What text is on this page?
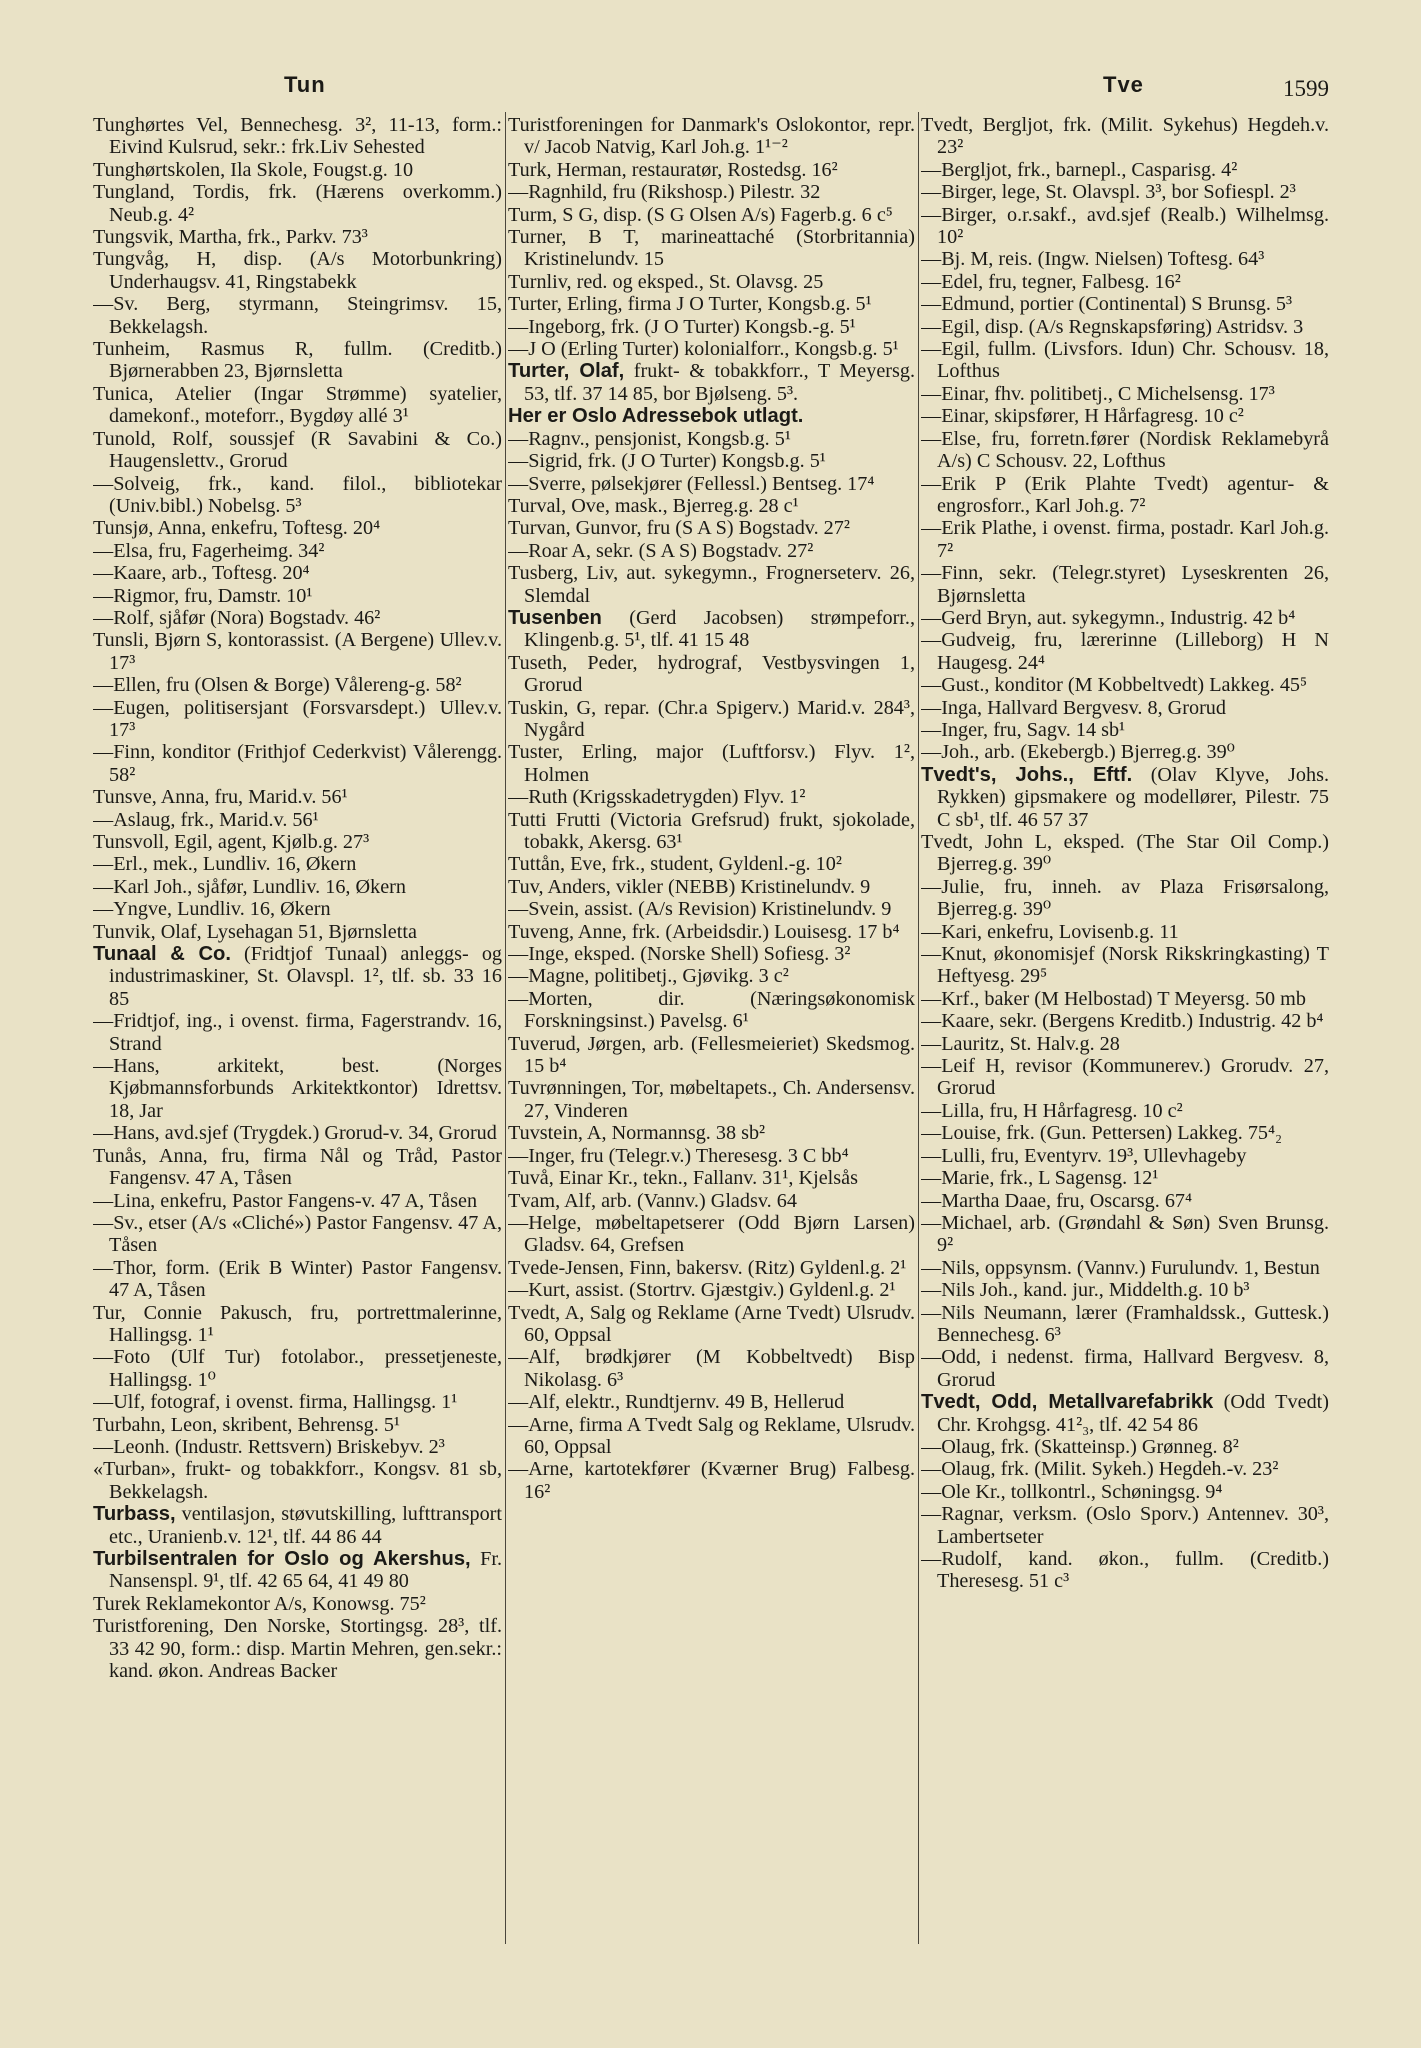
Tun	Tve	1599

Tunghørtes Vel, Bennechesg. 3², 11-13, form.: Eivind Kulsrud, sekr.: frk.Liv Sehested

Tunghørtskolen, Ila Skole, Fougst.g. 10

Tungland, Tordis, frk. (Hærens overkomm.) Neub.g. 4²

Tungsvik, Martha, frk., Parkv. 73³

Tungvåg, H, disp. (A/s Motorbunkring) Underhaugsv. 41, Ringstabekk

—Sv. Berg, styrmann, Steingrimsv. 15, Bekkelagsh.

Tunheim, Rasmus R, fullm. (Creditb.) Bjørnerabben 23, Bjørnsletta

Tunica, Atelier (Ingar Strømme) syatelier, damekonf., moteforr., Bygdøy allé 3¹

Tunold, Rolf, soussjef (R Savabini & Co.) Haugenslettv., Grorud

—Solveig, frk., kand. filol., bibliotekar (Univ.bibl.) Nobelsg. 5³

Tunsjø, Anna, enkefru, Toftesg. 20⁴

—Elsa, fru, Fagerheimg. 34²

—Kaare, arb., Toftesg. 20⁴

—Rigmor, fru, Damstr. 10¹

—Rolf, sjåfør (Nora) Bogstadv. 46²

Tunsli, Bjørn S, kontorassist. (A Bergene) Ullev.v. 17³

—Ellen, fru (Olsen & Borge) Vålereng-g. 58²

—Eugen, politisersjant (Forsvarsdept.) Ullev.v. 17³

—Finn, konditor (Frithjof Cederkvist) Vålerengg. 58²

Tunsve, Anna, fru, Marid.v. 56¹

—Aslaug, frk., Marid.v. 56¹

Tunsvoll, Egil, agent, Kjølb.g. 27³

—Erl., mek., Lundliv. 16, Økern

—Karl Joh., sjåfør, Lundliv. 16, Økern

—Yngve, Lundliv. 16, Økern

Tunvik, Olaf, Lysehagan 51, Bjørnsletta

Tunaal & Co. (Fridtjof Tunaal) anleggs- og industrimaskiner, St. Olavspl. 1², tlf. sb. 33 16 85

—Fridtjof, ing., i ovenst. firma, Fagerstrandv. 16, Strand

—Hans, arkitekt, best. (Norges Kjøbmannsforbunds Arkitektkontor) Idrettsv. 18, Jar

—Hans, avd.sjef (Trygdek.) Grorud-v. 34, Grorud

Tunås, Anna, fru, firma Nål og Tråd, Pastor Fangensv. 47 A, Tåsen

—Lina, enkefru, Pastor Fangens-v. 47 A, Tåsen

—Sv., etser (A/s «Cliché») Pastor Fangensv. 47 A, Tåsen

—Thor, form. (Erik B Winter) Pastor Fangensv. 47 A, Tåsen

Tur, Connie Pakusch, fru, portrettmalerinne, Hallingsg. 1¹

—Foto (Ulf Tur) fotolabor., pressetjeneste, Hallingsg. 1⁰

—Ulf, fotograf, i ovenst. firma, Hallingsg. 1¹

Turbahn, Leon, skribent, Behrensg. 5¹

—Leonh. (Industr. Rettsvern) Briskebyv. 2³

«Turban», frukt- og tobakkforr., Kongsv. 81 sb, Bekkelagsh.

Turbass, ventilasjon, støvutskilling, lufttransport etc., Uranienb.v. 12¹, tlf. 44 86 44

Turbilsentralen for Oslo og Akershus, Fr. Nansenspl. 9¹, tlf. 42 65 64, 41 49 80

Turek Reklamekontor A/s, Konowsg. 75²

Turistforening, Den Norske, Stortingsg. 28³, tlf. 33 42 90, form.: disp. Martin Mehren, gen.sekr.: kand. økon. Andreas Backer

Turistforeningen for Danmark's Oslokontor, repr. v/ Jacob Natvig, Karl Joh.g. 1¹⁻²

Turk, Herman, restauratør, Rostedsg. 16²

—Ragnhild, fru (Rikshosp.) Pilestr. 32

Turm, S G, disp. (S G Olsen A/s) Fagerb.g. 6 c⁵

Turner, B T, marineattaché (Storbritannia) Kristinelundv. 15

Turnliv, red. og eksped., St. Olavsg. 25

Turter, Erling, firma J O Turter, Kongsb.g. 5¹

—Ingeborg, frk. (J O Turter) Kongsb.-g. 5¹

—J O (Erling Turter) kolonialforr., Kongsb.g. 5¹

Turter, Olaf, frukt- & tobakkforr., T Meyersg. 53, tlf. 37 14 85, bor Bjølseng. 5³.

Her er Oslo Adressebok utlagt.

—Ragnv., pensjonist, Kongsb.g. 5¹

—Sigrid, frk. (J O Turter) Kongsb.g. 5¹

—Sverre, pølsekjører (Fellessl.) Bentseg. 17⁴

Turval, Ove, mask., Bjerreg.g. 28 c¹

Turvan, Gunvor, fru (S A S) Bogstadv. 27²

—Roar A, sekr. (S A S) Bogstadv. 27²

Tusberg, Liv, aut. sykegymn., Frognerseterv. 26, Slemdal

Tusenben (Gerd Jacobsen) strømpeforr., Klingenb.g. 5¹, tlf. 41 15 48

Tuseth, Peder, hydrograf, Vestbysvingen 1, Grorud

Tuskin, G, repar. (Chr.a Spigerv.) Marid.v. 284³, Nygård

Tuster, Erling, major (Luftforsv.) Flyv. 1², Holmen

—Ruth (Krigsskadetrygden) Flyv. 1²

Tutti Frutti (Victoria Grefsrud) frukt, sjokolade, tobakk, Akersg. 63¹

Tuttån, Eve, frk., student, Gyldenl.-g. 10²

Tuv, Anders, vikler (NEBB) Kristinelundv. 9

—Svein, assist. (A/s Revision) Kristinelundv. 9

Tuveng, Anne, frk. (Arbeidsdir.) Louisesg. 17 b⁴

—Inge, eksped. (Norske Shell) Sofiesg. 3²

—Magne, politibetj., Gjøvikg. 3 c²

—Morten, dir. (Næringsøkonomisk Forskningsinst.) Pavelsg. 6¹

Tuverud, Jørgen, arb. (Fellesmeieriet) Skedsmog. 15 b⁴

Tuvrønningen, Tor, møbeltapets., Ch. Andersensv. 27, Vinderen

Tuvstein, A, Normannsg. 38 sb²

—Inger, fru (Telegr.v.) Theresesg. 3 C bb⁴

Tuvå, Einar Kr., tekn., Fallanv. 31¹, Kjelsås

Tvam, Alf, arb. (Vannv.) Gladsv. 64

—Helge, møbeltapetserer (Odd Bjørn Larsen) Gladsv. 64, Grefsen

Tvede-Jensen, Finn, bakersv. (Ritz) Gyldenl.g. 2¹

—Kurt, assist. (Stortrv. Gjæstgiv.) Gyldenl.g. 2¹

Tvedt, A, Salg og Reklame (Arne Tvedt) Ulsrudv. 60, Oppsal

—Alf, brødkjører (M Kobbeltvedt) Bisp Nikolasg. 6³

—Alf, elektr., Rundtjernv. 49 B, Hellerud

—Arne, firma A Tvedt Salg og Reklame, Ulsrudv. 60, Oppsal

—Arne, kartotekfører (Kværner Brug) Falbesg. 16²

Tvedt, Bergljot, frk. (Milit. Sykehus) Hegdeh.v. 23²

—Bergljot, frk., barnepl., Casparisg. 4²

—Birger, lege, St. Olavspl. 3³, bor Sofiespl. 2³

—Birger, o.r.sakf., avd.sjef (Realb.) Wilhelmsg. 10²

—Bj. M, reis. (Ingw. Nielsen) Toftesg. 64³

—Edel, fru, tegner, Falbesg. 16²

—Edmund, portier (Continental) S Brunsg. 5³

—Egil, disp. (A/s Regnskapsføring) Astridsv. 3

—Egil, fullm. (Livsfors. Idun) Chr. Schousv. 18, Lofthus

—Einar, fhv. politibetj., C Michelsensg. 17³

—Einar, skipsfører, H Hårfagresg. 10 c²

—Else, fru, forretn.fører (Nordisk Reklamebyrå A/s) C Schousv. 22, Lofthus

—Erik P (Erik Plahte Tvedt) agentur- & engrosforr., Karl Joh.g. 7²

—Erik Plathe, i ovenst. firma, postadr. Karl Joh.g. 7²

—Finn, sekr. (Telegr.styret) Lyseskrenten 26, Bjørnsletta

—Gerd Bryn, aut. sykegymn., Industrig. 42 b⁴

—Gudveig, fru, lærerinne (Lilleborg) H N Haugesg. 24⁴

—Gust., konditor (M Kobbeltvedt) Lakkeg. 45⁵

—Inga, Hallvard Bergvesv. 8, Grorud

—Inger, fru, Sagv. 14 sb¹

—Joh., arb. (Ekebergb.) Bjerreg.g. 39⁰

Tvedt's, Johs., Eftf. (Olav Klyve, Johs. Rykken) gipsmakere og modellører, Pilestr. 75 C sb¹, tlf. 46 57 37

Tvedt, John L, eksped. (The Star Oil Comp.) Bjerreg.g. 39⁰

—Julie, fru, inneh. av Plaza Frisørsalong, Bjerreg.g. 39⁰

—Kari, enkefru, Lovisenb.g. 11

—Knut, økonomisjef (Norsk Rikskringkasting) T Heftyesg. 29⁵

—Krf., baker (M Helbostad) T Meyersg. 50 mb

—Kaare, sekr. (Bergens Kreditb.) Industrig. 42 b⁴

—Lauritz, St. Halv.g. 28

—Leif H, revisor (Kommunerev.) Grorudv. 27, Grorud

—Lilla, fru, H Hårfagresg. 10 c²

—Louise, frk. (Gun. Pettersen) Lakkeg. 75⁴₂

—Lulli, fru, Eventyrv. 19³, Ullevhageby

—Marie, frk., L Sagensg. 12¹

—Martha Daae, fru, Oscarsg. 67⁴

—Michael, arb. (Grøndahl & Søn) Sven Brunsg. 9²

—Nils, oppsynsm. (Vannv.) Furulundv. 1, Bestun

—Nils Joh., kand. jur., Middelth.g. 10 b³

—Nils Neumann, lærer (Framhaldssk., Guttesk.) Bennechesg. 6³

—Odd, i nedenst. firma, Hallvard Bergvesv. 8, Grorud

Tvedt, Odd, Metallvarefabrikk (Odd Tvedt) Chr. Krohgsg. 41²₃, tlf. 42 54 86

—Olaug, frk. (Skatteinsp.) Grønneg. 8²

—Olaug, frk. (Milit. Sykeh.) Hegdeh.-v. 23²

—Ole Kr., tollkontrl., Schøningsg. 9⁴

—Ragnar, verksm. (Oslo Sporv.) Antennev. 30³, Lambertseter

—Rudolf, kand. økon., fullm. (Creditb.) Theresesg. 51 c³
